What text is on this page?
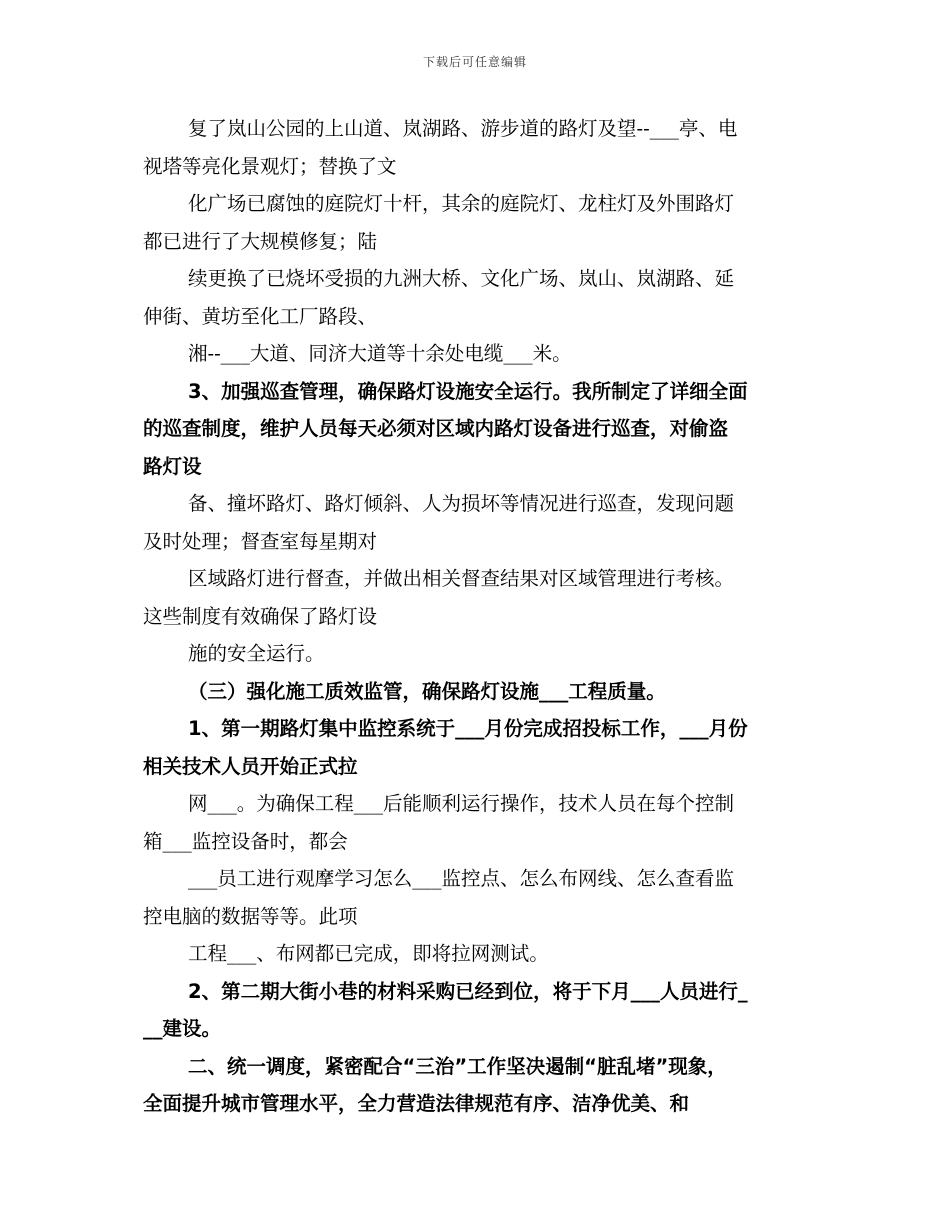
下载后可任意编辑
复了岚山公园的上山道、岚湖路、游步道的路灯及望--___亭、电
视塔等亮化景观灯；替换了文
化广场已腐蚀的庭院灯十杆，其余的庭院灯、龙柱灯及外围路灯
都已进行了大规模修复；陆
续更换了已烧坏受损的九洲大桥、文化广场、岚山、岚湖路、延
伸街、黄坊至化工厂路段、
湘--___大道、同济大道等十余处电缆___米。
3、加强巡查管理，确保路灯设施安全运行。我所制定了详细全面
的巡查制度，维护人员每天必须对区域内路灯设备进行巡查，对偷盗
路灯设
备、撞坏路灯、路灯倾斜、人为损坏等情况进行巡查，发现问题
及时处理；督查室每星期对
区域路灯进行督查，并做出相关督查结果对区域管理进行考核。
这些制度有效确保了路灯设
施的安全运行。
（三）强化施工质效监管，确保路灯设施___工程质量。
1、第一期路灯集中监控系统于___月份完成招投标工作，___月份
相关技术人员开始正式拉
网___。为确保工程___后能顺利运行操作，技术人员在每个控制
箱___监控设备时，都会
___员工进行观摩学习怎么___监控点、怎么布网线、怎么查看监
控电脑的数据等等。此项
工程___、布网都已完成，即将拉网测试。
2、第二期大街小巷的材料采购已经到位，将于下月___人员进行_
__建设。
二、统一调度，紧密配合“三治”工作坚决遏制“脏乱堵”现象，
全面提升城市管理水平，全力营造法律规范有序、洁净优美、和
